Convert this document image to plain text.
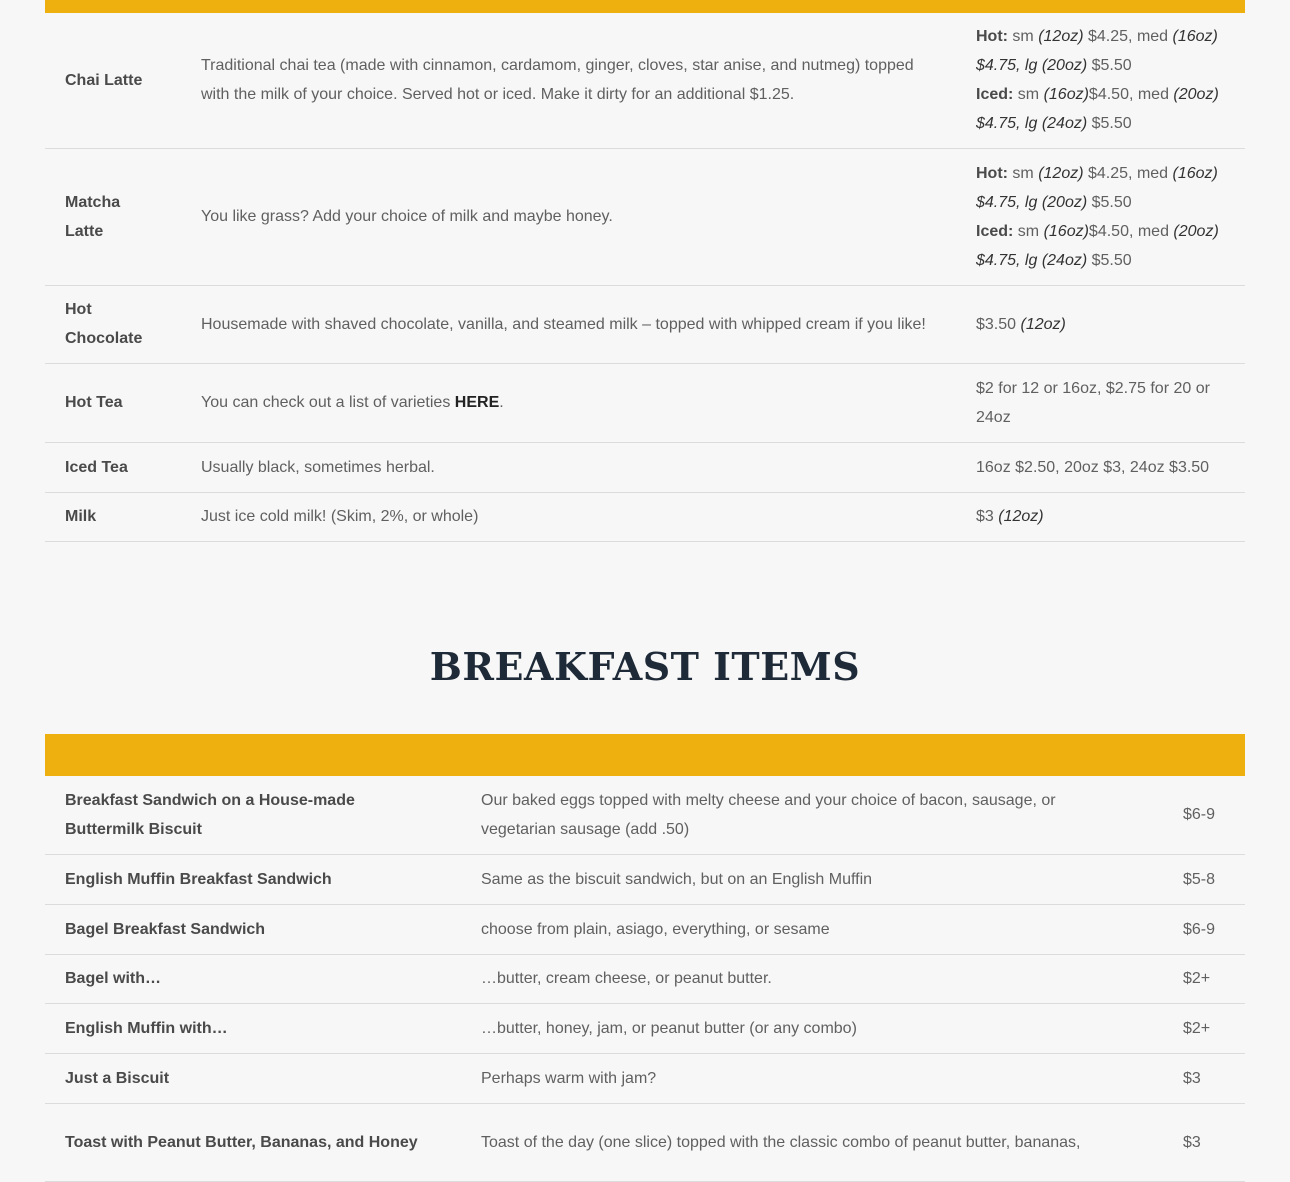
Chai Latte	Traditional chai tea (made with cinnamon, cardamom, ginger, cloves, star anise, and nutmeg) topped with the milk of your choice. Served hot or iced. Make it dirty for an additional $1.25.	Hot: sm (12oz) $4.25, med (16oz) $4.75, lg (20oz) $5.50
Iced: sm (16oz)$4.50, med (20oz) $4.75, lg (24oz) $5.50
Matcha Latte	You like grass? Add your choice of milk and maybe honey.	Hot: sm (12oz) $4.25, med (16oz) $4.75, lg (20oz) $5.50
Iced: sm (16oz)$4.50, med (20oz) $4.75, lg (24oz) $5.50
Hot Chocolate	Housemade with shaved chocolate, vanilla, and steamed milk – topped with whipped cream if you like!	$3.50 (12oz)
Hot Tea	You can check out a list of varieties HERE.	$2 for 12 or 16oz, $2.75 for 20 or 24oz
Iced Tea	Usually black, sometimes herbal.	16oz $2.50, 20oz $3, 24oz $3.50
Milk	Just ice cold milk! (Skim, 2%, or whole)	$3 (12oz)
BREAKFAST ITEMS
Breakfast Sandwich on a House-made Buttermilk Biscuit	Our baked eggs topped with melty cheese and your choice of bacon, sausage, or vegetarian sausage (add .50)	$6-9
English Muffin Breakfast Sandwich	Same as the biscuit sandwich, but on an English Muffin	$5-8
Bagel Breakfast Sandwich	choose from plain, asiago, everything, or sesame	$6-9
Bagel with…	…butter, cream cheese, or peanut butter.	$2+
English Muffin with…	…butter, honey, jam, or peanut butter (or any combo)	$2+
Just a Biscuit	Perhaps warm with jam?	$3
Toast with Peanut Butter, Bananas, and Honey	Toast of the day (one slice) topped with the classic combo of peanut butter, bananas,	$3
